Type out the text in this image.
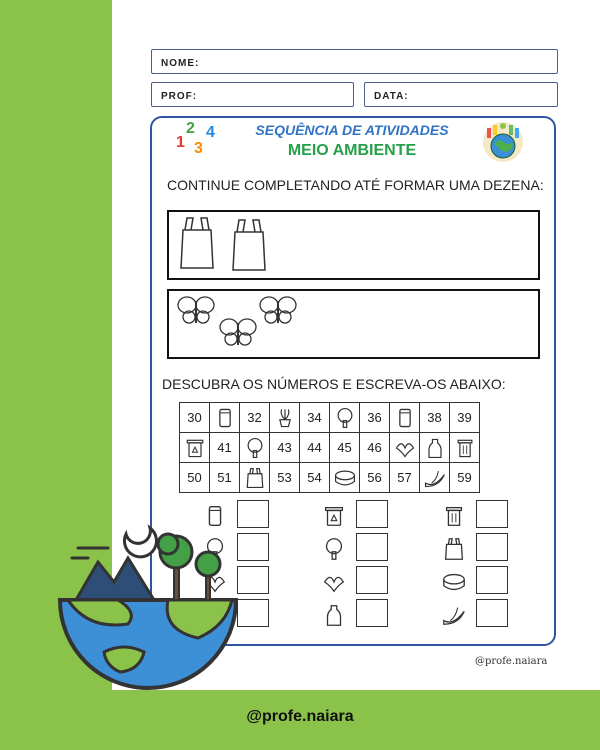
NOME:
PROF:	DATA:
1
2
3
4	SEQUÊNCIA DE ATIVIDADES
MEIO AMBIENTE
CONTINUE COMPLETANDO ATÉ FORMAR UMA DEZENA:
DESCUBRA OS NÚMEROS E ESCREVA-OS ABAIXO:
30		32		34		36		38	39

	41		43	44	45	46	

50	51		53	54		56	57		59
@profe.naiara
@profe.naiara
